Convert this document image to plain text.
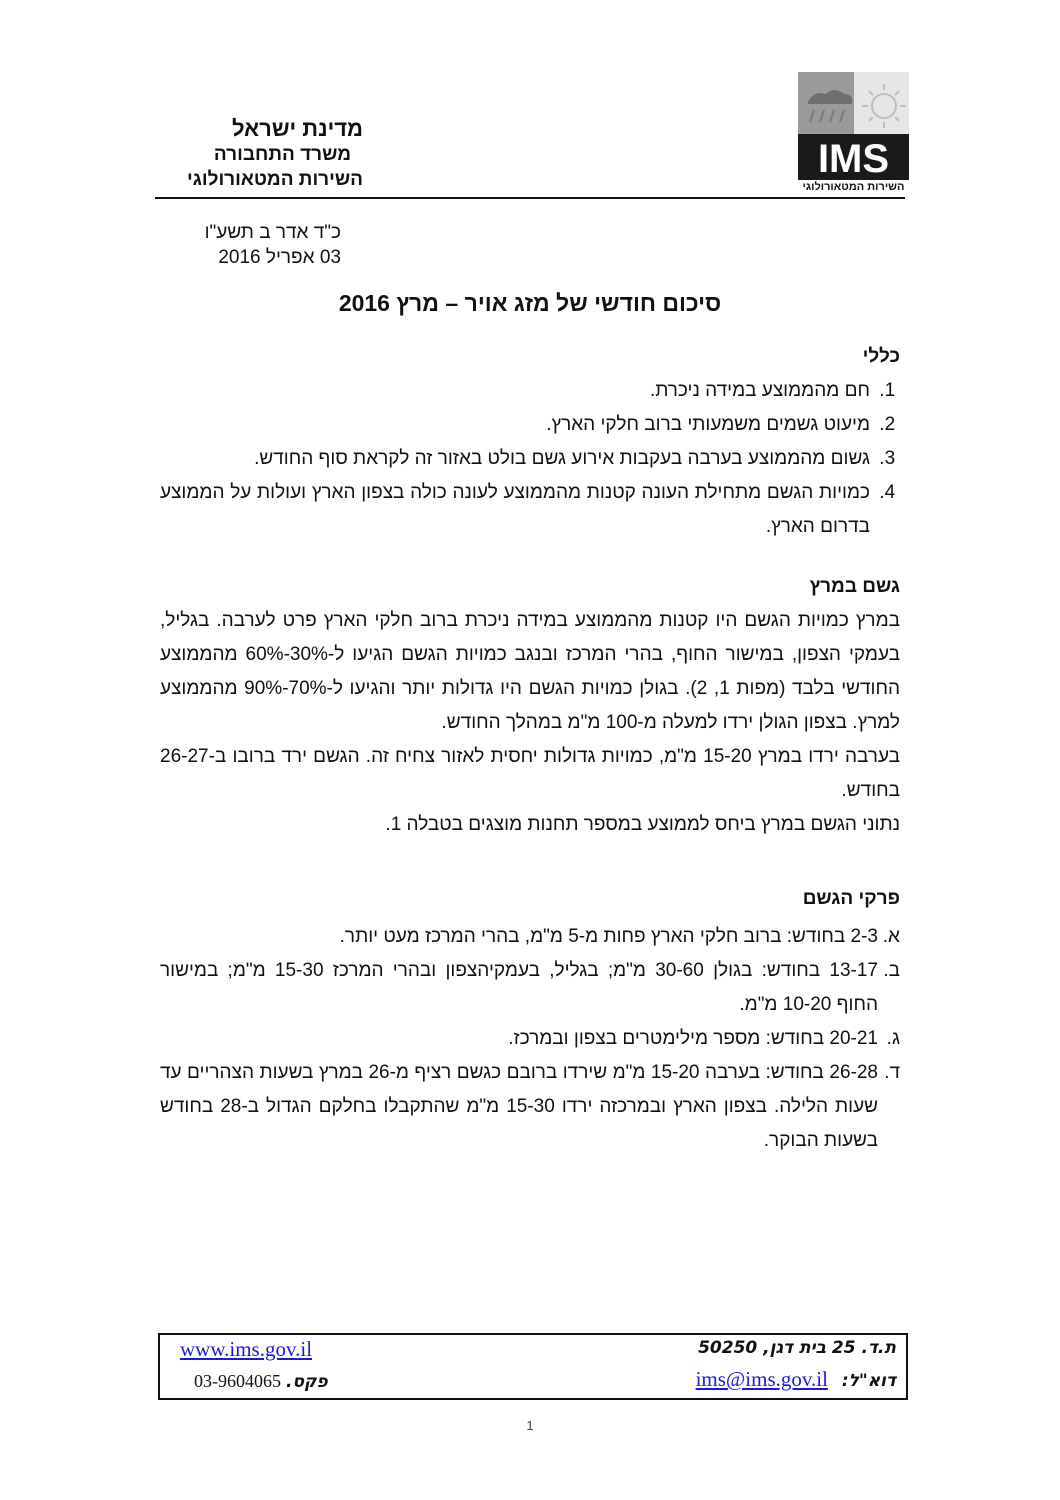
מדינת ישראל
משרד התחבורה
השירות המטאורולוגי	IMS
השירות המטאורולוגי
כ"ד אדר ב תשע"ו
03 אפריל 2016
סיכום חודשי של מזג אויר – מרץ 2016
כללי
1. חם מהממוצע במידה ניכרת.
2. מיעוט גשמים משמעותי ברוב חלקי הארץ.
3. גשום מהממוצע בערבה בעקבות אירוע גשם בולט באזור זה לקראת סוף החודש.
4. כמויות הגשם מתחילת העונה קטנות מהממוצע לעונה כולה בצפון הארץ ועולות על הממוצע בדרום הארץ.
גשם במרץ

במרץ כמויות הגשם היו קטנות מהממוצע במידה ניכרת ברוב חלקי הארץ פרט לערבה. בגליל, בעמקי הצפון, במישור החוף, בהרי המרכז ובנגב כמויות הגשם הגיעו ל-30%-60% מהממוצע החודשי בלבד (מפות 1, 2). בגולן כמויות הגשם היו גדולות יותר והגיעו ל-70%-90% מהממוצע למרץ. בצפון הגולן ירדו למעלה מ-100 מ"מ במהלך החודש.

בערבה ירדו במרץ 15-20 מ"מ, כמויות גדולות יחסית לאזור צחיח זה. הגשם ירד ברובו ב-26-27 בחודש.

נתוני הגשם במרץ ביחס לממוצע במספר תחנות מוצגים בטבלה 1.

פרקי הגשם
א.
2-3 בחודש: ברוב חלקי הארץ פחות מ-5 מ"מ, בהרי המרכז מעט יותר.
ב.
13-17 בחודש: בגולן 30-60 מ"מ; בגליל, בעמקיהצפון ובהרי המרכז 15-30 מ"מ; במישור החוף 10-20 מ"מ.
ג.
20-21 בחודש: מספר מילימטרים בצפון ובמרכז.
ד.
26-28 בחודש: בערבה 15-20 מ"מ שירדו ברובם כגשם רציף מ-26 במרץ בשעות הצהריים עד שעות הלילה. בצפון הארץ ובמרכזה ירדו 15-30 מ"מ שהתקבלו בחלקם הגדול ב-28 בחודש בשעות הבוקר.
ת.ד. 25 בית דגן, 50250
www.ims.gov.il
דוא"ל: ims@ims.gov.il
פקס. 03-9604065
1
